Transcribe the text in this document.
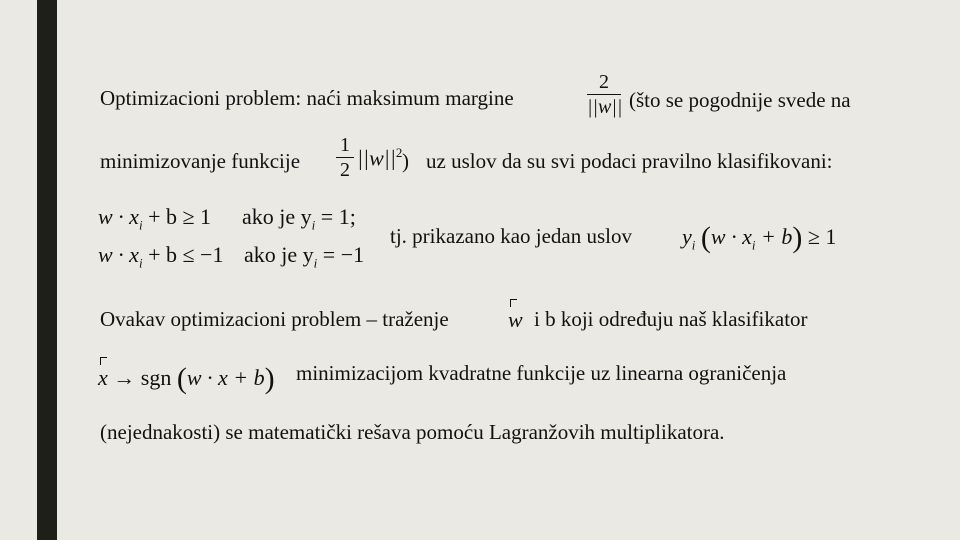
Optimizacioni problem: naći maksimum margine
2
||w|| (što se pogodnije svede na
minimizovanje funkcije
1
2 $||w||^2$ ) uz uslov da su svi podaci pravilno klasifikovani:
$w \cdot x_i + b \ge 1$ ako je $y_i = 1$;
$w \cdot x_i + b \le -1$ ako je $y_i = -1$
tj. prikazano kao jedan uslov $y_i$ $(w \cdot x_i + b) \ge 1$
Ovakav optimizacioni problem – traženje	w i b koji određuju naš klasifikator
x → sgn (w · x + b) minimizacijom kvadratne funkcije uz linearna ograničenja
(nejednakosti) se matematički rešava pomoću Lagranžovih multiplikatora.
